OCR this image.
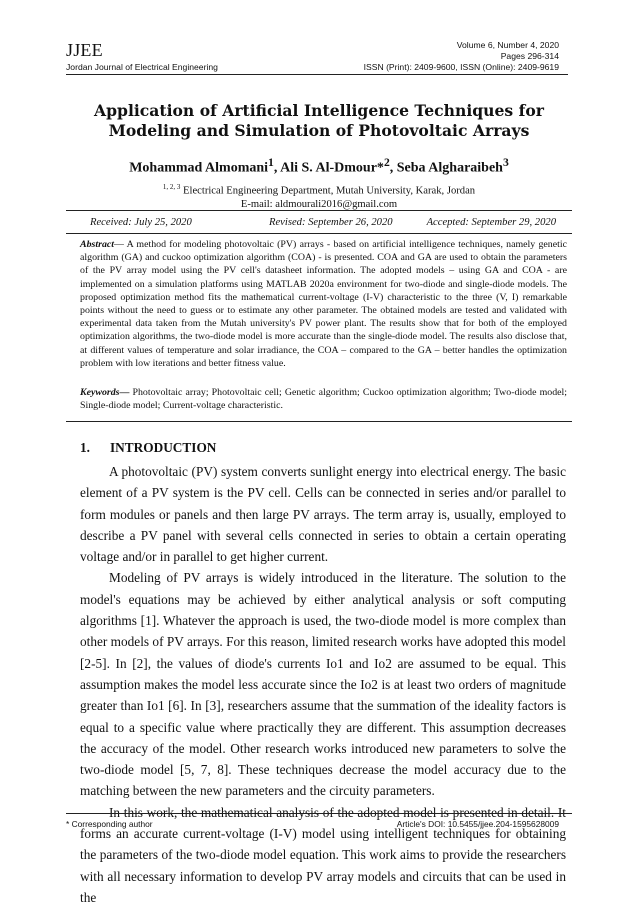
JJEE	Volume 6, Number 4, 2020
Pages 296-314
Jordan Journal of Electrical Engineering	ISSN (Print): 2409-9600, ISSN (Online): 2409-9619
Application of Artificial Intelligence Techniques for Modeling and Simulation of Photovoltaic Arrays
Mohammad Almomani$^1$, Ali S. Al-Dmour*$^2$, Seba Algharaibeh$^3$
$^{1, 2, 3}$ Electrical Engineering Department, Mutah University, Karak, Jordan
E-mail: aldmourali2016@gmail.com
Received: July 25, 2020	Revised: September 26, 2020	Accepted: September 29, 2020
Abstract— A method for modeling photovoltaic (PV) arrays - based on artificial intelligence techniques, namely genetic algorithm (GA) and cuckoo optimization algorithm (COA) - is presented. COA and GA are used to obtain the parameters of the PV array model using the PV cell's datasheet information. The adopted models – using GA and COA - are implemented on a simulation platforms using MATLAB 2020a environment for two-diode and single-diode models. The proposed optimization method fits the mathematical current-voltage (I-V) characteristic to the three (V, I) remarkable points without the need to guess or to estimate any other parameter. The obtained models are tested and validated with experimental data taken from the Mutah university's PV power plant. The results show that for both of the employed optimization algorithms, the two-diode model is more accurate than the single-diode model. The results also disclose that, at different values of temperature and solar irradiance, the COA – compared to the GA – better handles the optimization problem with low iterations and better fitness value.
Keywords— Photovoltaic array; Photovoltaic cell; Genetic algorithm; Cuckoo optimization algorithm; Two-diode model; Single-diode model; Current-voltage characteristic.
1. INTRODUCTION

A photovoltaic (PV) system converts sunlight energy into electrical energy. The basic element of a PV system is the PV cell. Cells can be connected in series and/or parallel to form modules or panels and then large PV arrays. The term array is, usually, employed to describe a PV panel with several cells connected in series to obtain a certain operating voltage and/or in parallel to get higher current.

Modeling of PV arrays is widely introduced in the literature. The solution to the model's equations may be achieved by either analytical analysis or soft computing algorithms [1]. Whatever the approach is used, the two-diode model is more complex than other models of PV arrays. For this reason, limited research works have adopted this model [2-5]. In [2], the values of diode's currents Io1 and Io2 are assumed to be equal. This assumption makes the model less accurate since the Io2 is at least two orders of magnitude greater than Io1 [6]. In [3], researchers assume that the summation of the ideality factors is equal to a specific value where practically they are different. This assumption decreases the accuracy of the model. Other research works introduced new parameters to solve the two-diode model [5, 7, 8]. These techniques decrease the model accuracy due to the matching between the new parameters and the circuity parameters.

In this work, the mathematical analysis of the adopted model is presented in detail. It forms an accurate current-voltage (I-V) model using intelligent techniques for obtaining the parameters of the two-diode model equation. This work aims to provide the researchers with all necessary information to develop PV array models and circuits that can be used in the

* Corresponding author	Article's DOI: 10.5455/jjee.204-1595628009
